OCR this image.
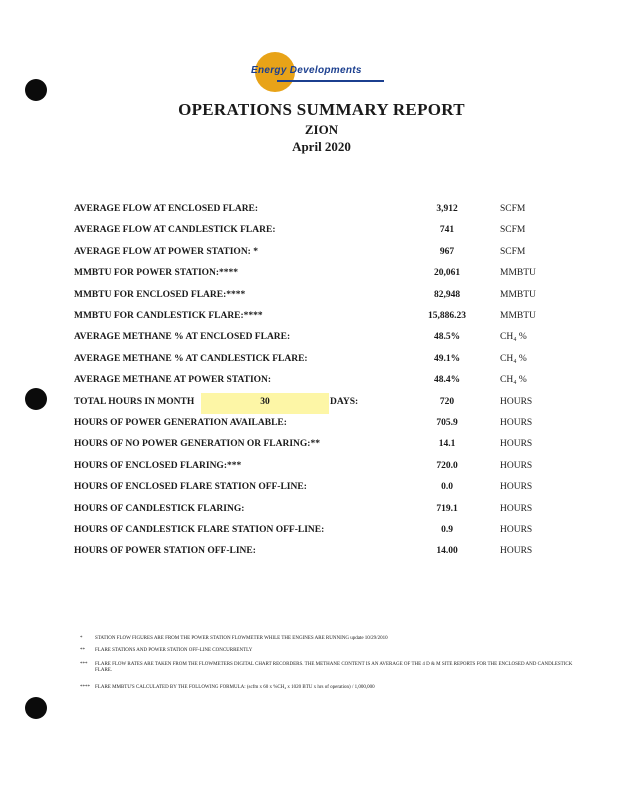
Energy Developments
OPERATIONS SUMMARY REPORT
ZION
April 2020
AVERAGE FLOW AT ENCLOSED FLARE:	3,912	SCFM
AVERAGE FLOW AT CANDLESTICK FLARE:	741	SCFM
AVERAGE FLOW AT POWER STATION: *	967	SCFM
MMBTU FOR POWER STATION:****	20,061	MMBTU
MMBTU FOR ENCLOSED FLARE:****	82,948	MMBTU
MMBTU FOR CANDLESTICK FLARE:****	15,886.23	MMBTU
AVERAGE METHANE % AT ENCLOSED FLARE:	48.5%	CH₄ %
AVERAGE METHANE % AT CANDLESTICK FLARE:	49.1%	CH₄ %
AVERAGE METHANE AT POWER STATION:	48.4%	CH₄ %
TOTAL HOURS IN MONTH	30	DAYS:	720	HOURS
HOURS OF POWER GENERATION AVAILABLE:	705.9	HOURS
HOURS OF NO POWER GENERATION OR FLARING:**	14.1	HOURS
HOURS OF ENCLOSED FLARING:***	720.0	HOURS
HOURS OF ENCLOSED FLARE STATION OFF-LINE:	0.0	HOURS
HOURS OF CANDLESTICK FLARING:	719.1	HOURS
HOURS OF CANDLESTICK FLARE STATION OFF-LINE:	0.9	HOURS
HOURS OF POWER STATION OFF-LINE:	14.00	HOURS
*	STATION FLOW FIGURES ARE FROM THE POWER STATION FLOWMETER WHILE THE ENGINES ARE RUNNING update 10/29/2010
** FLARE STATIONS AND POWER STATION OFF-LINE CONCURRENTLY
*** FLARE FLOW RATES ARE TAKEN FROM THE FLOWMETERS DIGITAL CHART RECORDERS. THE METHANE CONTENT IS AN AVERAGE OF THE 4 D & M SITE REPORTS FOR THE ENCLOSED AND CANDLESTICK FLARE.
**** FLARE MMBTU'S CALCULATED BY THE FOLLOWING FORMULA: (scfm x 60 x %CH₄ x 1020 BTU x hrs of operation) / 1,000,000
